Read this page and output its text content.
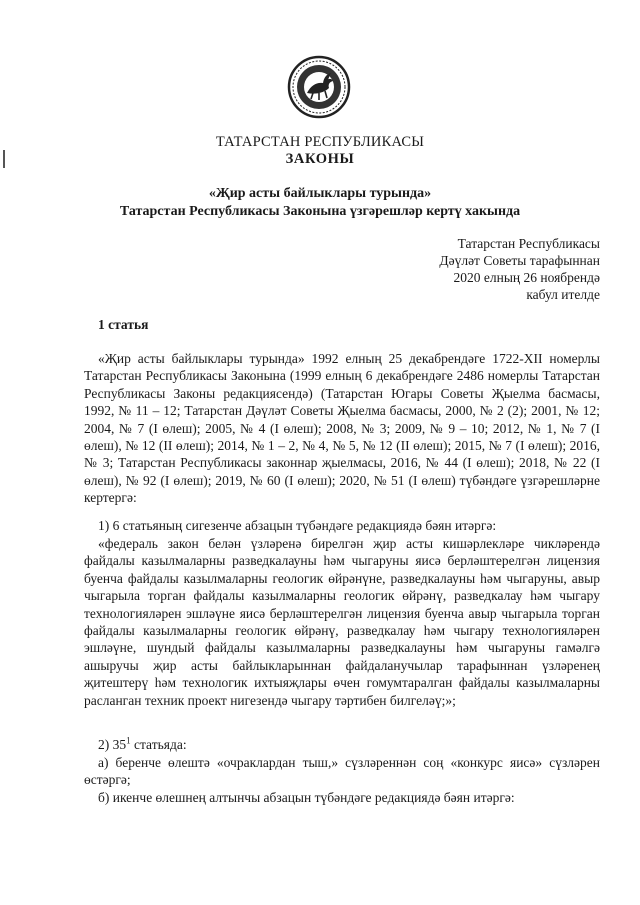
ТАТАРСТАН РЕСПУБЛИКАСЫ
ЗАКОНЫ
«Җир асты байлыклары турында»
Татарстан Республикасы Законына үзгәрешләр кертү хакында
Татарстан Республикасы
Дәүләт Советы тарафыннан
2020 елның 26 ноябрендә
кабул ителде
1 статья

«Җир асты байлыклары турында» 1992 елның 25 декабрендәге 1722-XII номерлы Татарстан Республикасы Законына (1999 елның 6 декабрендәге 2486 номерлы Татарстан Республикасы Законы редакциясендә) (Татарстан Югары Советы Җыелма басмасы, 1992, № 11 – 12; Татарстан Дәүләт Советы Җыелма басмасы, 2000, № 2 (2); 2001, № 12; 2004, № 7 (I өлеш); 2005, № 4 (I өлеш); 2008, № 3; 2009, № 9 – 10; 2012, № 1, № 7 (I өлеш), № 12 (II өлеш); 2014, № 1 – 2, № 4, № 5, № 12 (II өлеш); 2015, № 7 (I өлеш); 2016, № 3; Татарстан Республикасы законнар җыелмасы, 2016, № 44 (I өлеш); 2018, № 22 (I өлеш), № 92 (I өлеш); 2019, № 60 (I өлеш); 2020, № 51 (I өлеш) түбәндәге үзгәрешләрне кертергә:

1) 6 статьяның сигезенче абзацын түбәндәге редакциядә бәян итәргә:

«федераль закон белән үзләренә бирелгән җир асты кишәрлекләре чикләрендә файдалы казылмаларны разведкалауны һәм чыгаруны яисә берләштерелгән лицензия буенча файдалы казылмаларны геологик өйрәнүне, разведкалауны һәм чыгаруны, авыр чыгарыла торган файдалы казылмаларны геологик өйрәнү, разведкалау һәм чыгару технологияләрен эшләүне яисә берләштерелгән лицензия буенча авыр чыгарыла торган файдалы казылмаларны геологик өйрәнү, разведкалау һәм чыгару технологияләрен эшләүне, шундый файдалы казылмаларны разведкалауны һәм чыгаруны гамәлгә ашыручы җир асты байлыкларыннан файдаланучылар тарафыннан үзләренең җитештерү һәм технологик ихтыяҗлары өчен гомумтаралган файдалы казылмаларны расланган техник проект нигезендә чыгару тәртибен билгеләү;»;

2) $35^1$ статьяда:

а) беренче өлештә «очраклардан тыш,» сүзләреннән соң «конкурс яисә» сүзләрен өстәргә;

б) икенче өлешнең алтынчы абзацын түбәндәге редакциядә бәян итәргә:
